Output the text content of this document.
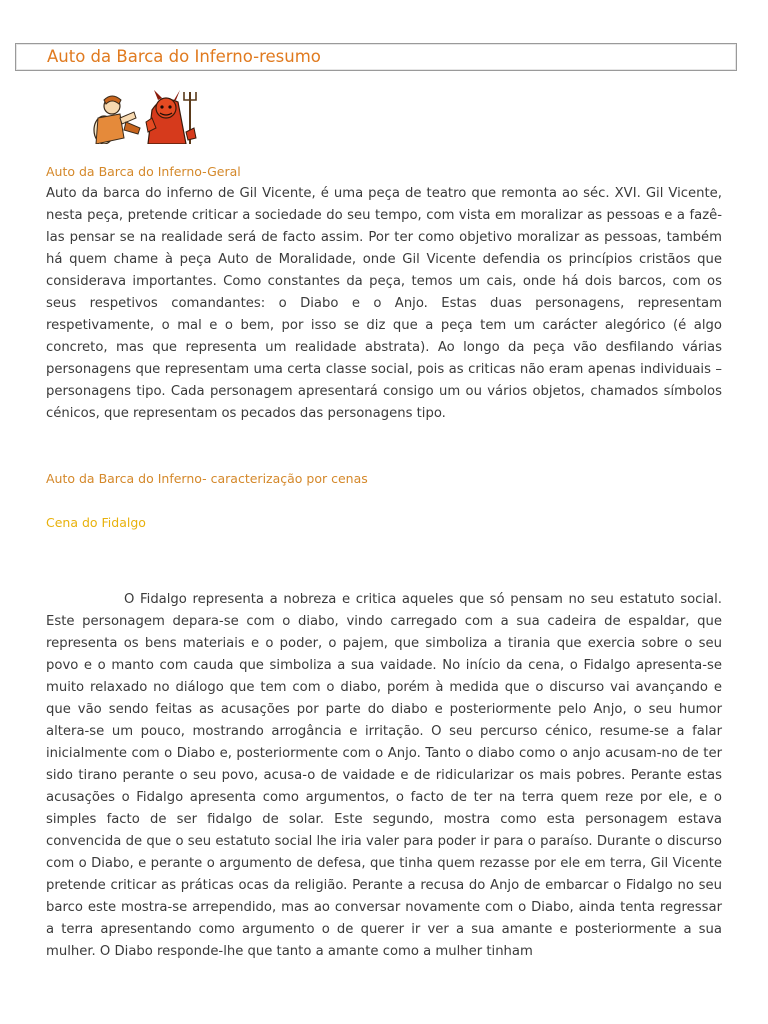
Auto da Barca do Inferno-resumo
Auto da Barca do Inferno-Geral

Auto da barca do inferno de Gil Vicente, é uma peça de teatro que remonta ao séc. XVI. Gil Vicente, nesta peça, pretende criticar a sociedade do seu tempo, com vista em moralizar as pessoas e a fazê-las pensar se na realidade será de facto assim. Por ter como objetivo moralizar as pessoas, também há quem chame à peça Auto de Moralidade, onde Gil Vicente defendia os princípios cristãos que considerava importantes. Como constantes da peça, temos um cais, onde há dois barcos, com os seus respetivos comandantes: o Diabo e o Anjo. Estas duas personagens, representam respetivamente, o mal e o bem, por isso se diz que a peça tem um carácter alegórico (é algo concreto, mas que representa um realidade abstrata). Ao longo da peça vão desfilando várias personagens que representam uma certa classe social, pois as criticas não eram apenas individuais – personagens tipo. Cada personagem apresentará consigo um ou vários objetos, chamados símbolos cénicos, que representam os pecados das personagens tipo.

Auto da Barca do Inferno- caracterização por cenas
Cena do Fidalgo

O Fidalgo representa a nobreza e critica aqueles que só pensam no seu estatuto social. Este personagem depara-se com o diabo, vindo carregado com a sua cadeira de espaldar, que representa os bens materiais e o poder, o pajem, que simboliza a tirania que exercia sobre o seu povo e o manto com cauda que simboliza a sua vaidade. No início da cena, o Fidalgo apresenta-se muito relaxado no diálogo que tem com o diabo, porém à medida que o discurso vai avançando e que vão sendo feitas as acusações por parte do diabo e posteriormente pelo Anjo, o seu humor altera-se um pouco, mostrando arrogância e irritação. O seu percurso cénico, resume-se a falar inicialmente com o Diabo e, posteriormente com o Anjo. Tanto o diabo como o anjo acusam-no de ter sido tirano perante o seu povo, acusa-o de vaidade e de ridicularizar os mais pobres. Perante estas acusações o Fidalgo apresenta como argumentos, o facto de ter na terra quem reze por ele, e o simples facto de ser fidalgo de solar. Este segundo, mostra como esta personagem estava convencida de que o seu estatuto social lhe iria valer para poder ir para o paraíso. Durante o discurso com o Diabo, e perante o argumento de defesa, que tinha quem rezasse por ele em terra, Gil Vicente pretende criticar as práticas ocas da religião. Perante a recusa do Anjo de embarcar o Fidalgo no seu barco este mostra-se arrependido, mas ao conversar novamente com o Diabo, ainda tenta regressar a terra apresentando como argumento o de querer ir ver a sua amante e posteriormente a sua mulher. O Diabo responde-lhe que tanto a amante como a mulher tinham
